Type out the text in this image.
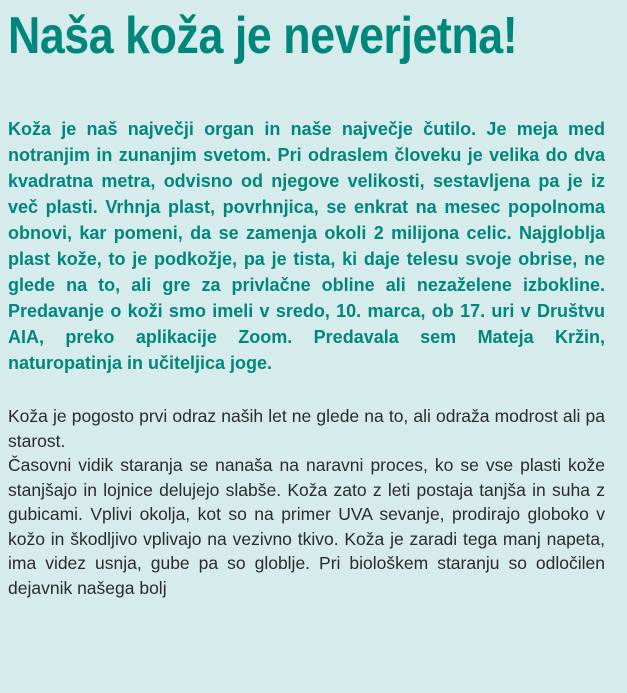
Naša koža je neverjetna!

Koža je naš največji organ in naše največje čutilo. Je meja med notranjim in zunanjim svetom. Pri odraslem človeku je velika do dva kvadratna metra, odvisno od njegove velikosti, sestavljena pa je iz več plasti. Vrhnja plast, povrhnjica, se enkrat na mesec popolnoma obnovi, kar pomeni, da se zamenja okoli 2 milijona celic. Najgloblja plast kože, to je podkožje, pa je tista, ki daje telesu svoje obrise, ne glede na to, ali gre za privlačne obline ali nezaželene izbokline. Predavanje o koži smo imeli v sredo, 10. marca, ob 17. uri v Društvu AIA, preko aplikacije Zoom. Predavala sem Mateja Kržin, naturopatinja in učiteljica joge.

Koža je pogosto prvi odraz naših let ne glede na to, ali odraža modrost ali pa starost.

Časovni vidik staranja se nanaša na naravni proces, ko se vse plasti kože stanjšajo in lojnice delujejo slabše. Koža zato z leti postaja tanjša in suha z gubicami. Vplivi okolja, kot so na primer UVA sevanje, prodirajo globoko v kožo in škodljivo vplivajo na vezivno tkivo. Koža je zaradi tega manj napeta, ima videz usnja, gube pa so globlje. Pri biološkem staranju so odločilen dejavnik našega bolj
